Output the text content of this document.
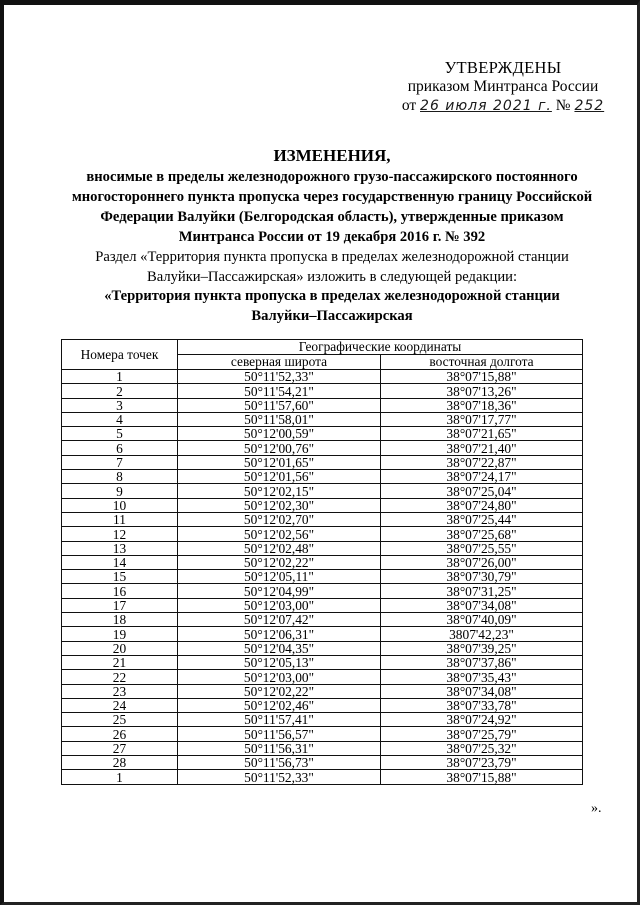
УТВЕРЖДЕНЫ
приказом Минтранса России
от 26 июля 2021 г. № 252
ИЗМЕНЕНИЯ,
вносимые в пределы железнодорожного грузо-пассажирского постоянного
многостороннего пункта пропуска через государственную границу Российской
Федерации Валуйки (Белгородская область), утвержденные приказом
Минтранса России от 19 декабря 2016 г. № 392
Раздел «Территория пункта пропуска в пределах железнодорожной станции
Валуйки–Пассажирская» изложить в следующей редакции:
«Территория пункта пропуска в пределах железнодорожной станции
Валуйки–Пассажирская
Номера точек	Географические координаты	
	северная широта	восточная долгота
1	50°11'52,33"	38°07'15,88"
2	50°11'54,21"	38°07'13,26"
3	50°11'57,60"	38°07'18,36"
4	50°11'58,01"	38°07'17,77"
5	50°12'00,59"	38°07'21,65"
6	50°12'00,76"	38°07'21,40"
7	50°12'01,65"	38°07'22,87"
8	50°12'01,56"	38°07'24,17"
9	50°12'02,15"	38°07'25,04"
10	50°12'02,30"	38°07'24,80"
11	50°12'02,70"	38°07'25,44"
12	50°12'02,56"	38°07'25,68"
13	50°12'02,48"	38°07'25,55"
14	50°12'02,22"	38°07'26,00"
15	50°12'05,11"	38°07'30,79"
16	50°12'04,99"	38°07'31,25"
17	50°12'03,00"	38°07'34,08"
18	50°12'07,42"	38°07'40,09"
19	50°12'06,31"	3807'42,23"
20	50°12'04,35"	38°07'39,25"
21	50°12'05,13"	38°07'37,86"
22	50°12'03,00"	38°07'35,43"
23	50°12'02,22"	38°07'34,08"
24	50°12'02,46"	38°07'33,78"
25	50°11'57,41"	38°07'24,92"
26	50°11'56,57"	38°07'25,79"
27	50°11'56,31"	38°07'25,32"
28	50°11'56,73"	38°07'23,79"
1	50°11'52,33"	38°07'15,88"
».
